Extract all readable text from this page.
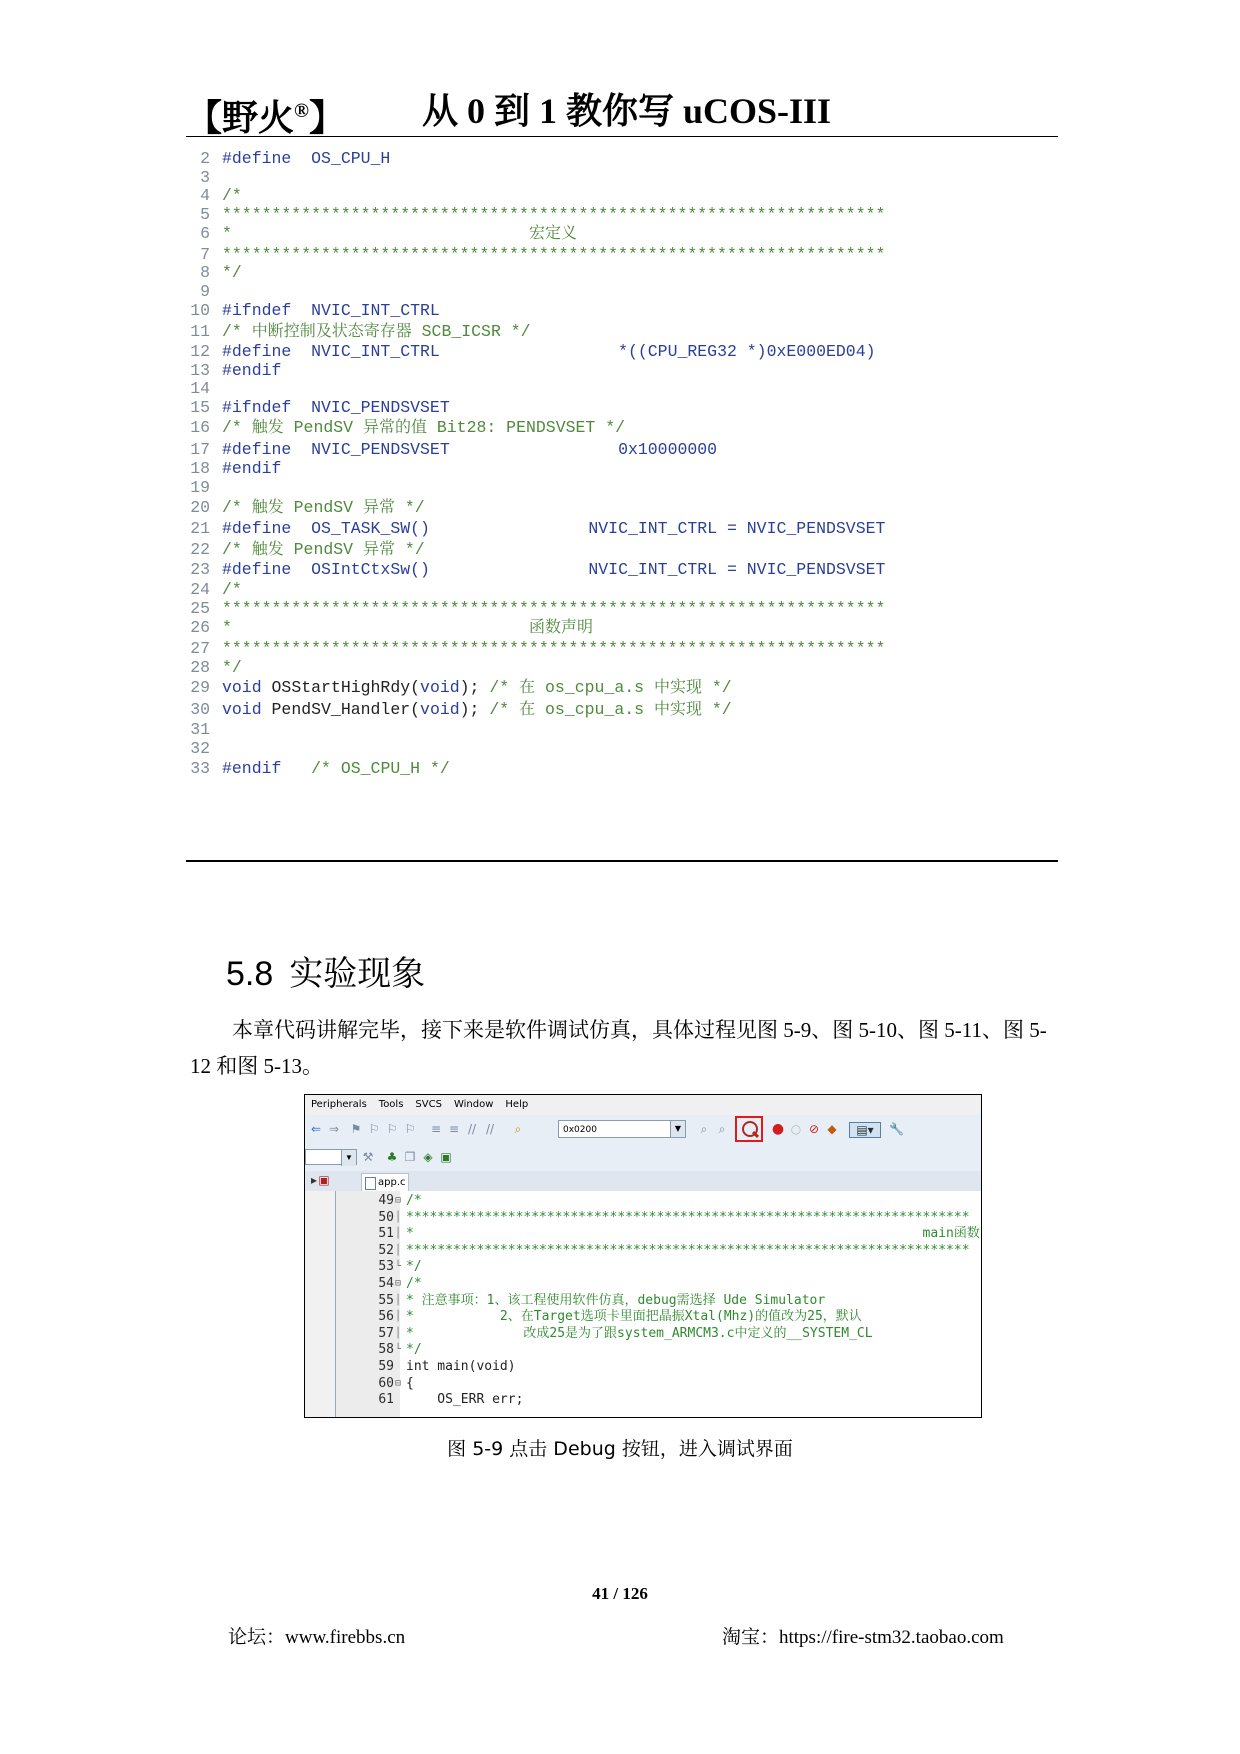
【野火®】 从 0 到 1 教你写 uCOS-III
2 #define  OS_CPU_H
3
4 /*
5 *******************************************************************
6 *                              宏定义
7 *******************************************************************
8 */
9
10 #ifndef  NVIC_INT_CTRL
11 /* 中断控制及状态寄存器 SCB_ICSR */
12 #define  NVIC_INT_CTRL                  *((CPU_REG32 *)0xE000ED04)
13 #endif
14
15 #ifndef  NVIC_PENDSVSET
16 /* 触发 PendSV 异常的值 Bit28: PENDSVSET */
17 #define  NVIC_PENDSVSET                 0x10000000
18 #endif
19
20 /* 触发 PendSV 异常 */
21 #define  OS_TASK_SW()                NVIC_INT_CTRL = NVIC_PENDSVSET
22 /* 触发 PendSV 异常 */
23 #define  OSIntCtxSw()                NVIC_INT_CTRL = NVIC_PENDSVSET
24 /*
25 *******************************************************************
26 *                              函数声明
27 *******************************************************************
28 */
29 void OSStartHighRdy(void); /* 在 os_cpu_a.s 中实现 */
30 void PendSV_Handler(void); /* 在 os_cpu_a.s 中实现 */
31
32
33 #endif   /* OS_CPU_H */
5.8 实验现象
本章代码讲解完毕，接下来是软件调试仿真，具体过程见图 5-9、图 5-10、图 5-11、图 5-12 和图 5-13。
Peripherals Tools SVCS Window Help
⇐ ⇒ ⚑ ⚐ ⚐ ⚐ ≡ ≡ // //	⌕	0x0200	▼	⌕ ⌕	● ○ ⊘ ◆	▤▾	🔧
▼ ⚒ ♣ ❐ ◈ ▣
▸ ▣	app.c
49 ⊟ /*
50 │ ************************************************************************
51 │ *                                                                 main函数
52 │ ************************************************************************
53 └ */
54 ⊟ /*
55 │ * 注意事项：1、该工程使用软件仿真，debug需选择 Ude Simulator
56 │ *           2、在Target选项卡里面把晶振Xtal(Mhz)的值改为25，默认
57 │ *              改成25是为了跟system_ARMCM3.c中定义的__SYSTEM_CL
58 └ */
59 int main(void)
60 ⊟ {
61 OS_ERR err;
图 5-9 点击 Debug 按钮，进入调试界面
41 / 126
论坛：www.firebbs.cn	淘宝：https://fire-stm32.taobao.com
